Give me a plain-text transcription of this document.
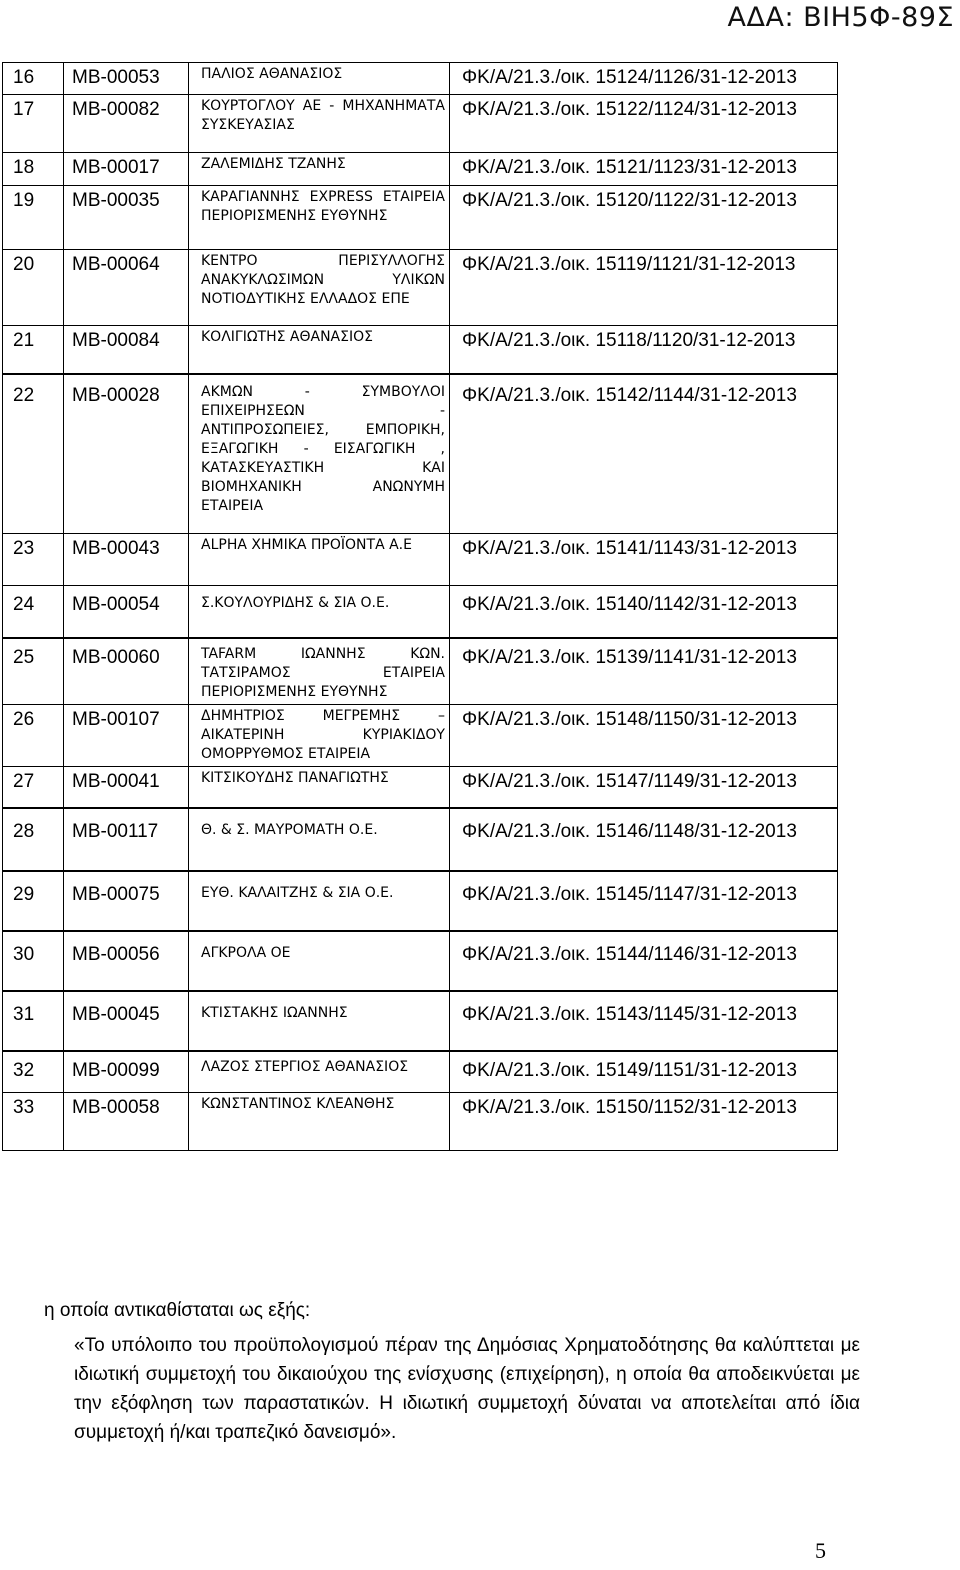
ΑΔΑ: ΒΙΗ5Φ-89Σ
16	ΜΒ-00053	ΠΑΛΙΟΣ ΑΘΑΝΑΣΙΟΣ	ΦΚ/Α/21.3./οικ. 15124/1126/31-12-2013

17	ΜΒ-00082	ΚΟΥΡΤΟΓΛΟΥ ΑΕ - ΜΗΧΑΝΗΜΑΤΑ ΣΥΣΚΕΥΑΣΙΑΣ	ΦΚ/Α/21.3./οικ. 15122/1124/31-12-2013

18	ΜΒ-00017	ΖΑΛΕΜΙΔΗΣ ΤΖΑΝΗΣ	ΦΚ/Α/21.3./οικ. 15121/1123/31-12-2013

19	ΜΒ-00035	ΚΑΡΑΓΙΑΝΝΗΣ EXPRESS ΕΤΑΙΡΕΙΑ ΠΕΡΙΟΡΙΣΜΕΝΗΣ ΕΥΘΥΝΗΣ	ΦΚ/Α/21.3./οικ. 15120/1122/31-12-2013

20	ΜΒ-00064	ΚΕΝΤΡΟ ΠΕΡΙΣΥΛΛΟΓΗΣ ΑΝΑΚΥΚΛΩΣΙΜΩΝ ΥΛΙΚΩΝ ΝΟΤΙΟΔΥΤΙΚΗΣ ΕΛΛΑΔΟΣ ΕΠΕ	ΦΚ/Α/21.3./οικ. 15119/1121/31-12-2013

21	ΜΒ-00084	ΚΟΛΙΓΙΩΤΗΣ ΑΘΑΝΑΣΙΟΣ	ΦΚ/Α/21.3./οικ. 15118/1120/31-12-2013

22	ΜΒ-00028	ΑΚΜΩΝ - ΣΥΜΒΟΥΛΟΙ ΕΠΙΧΕΙΡΗΣΕΩΝ - ΑΝΤΙΠΡΟΣΩΠΕΙΕΣ, ΕΜΠΟΡΙΚΗ, ΕΞΑΓΩΓΙΚΗ - ΕΙΣΑΓΩΓΙΚΗ , ΚΑΤΑΣΚΕΥΑΣΤΙΚΗ ΚΑΙ ΒΙΟΜΗΧΑΝΙΚΗ ΑΝΩΝΥΜΗ ΕΤΑΙΡΕΙΑ	ΦΚ/Α/21.3./οικ. 15142/1144/31-12-2013

23	ΜΒ-00043	ALPHA ΧΗΜΙΚΑ ΠΡΟΪΟΝΤΑ Α.Ε	ΦΚ/Α/21.3./οικ. 15141/1143/31-12-2013

24	ΜΒ-00054	Σ.ΚΟΥΛΟΥΡΙΔΗΣ & ΣΙΑ Ο.Ε.	ΦΚ/Α/21.3./οικ. 15140/1142/31-12-2013

25	ΜΒ-00060	TAFARM ΙΩΑΝΝΗΣ ΚΩΝ. ΤΑΤΣΙΡΑΜΟΣ ΕΤΑΙΡΕΙΑ ΠΕΡΙΟΡΙΣΜΕΝΗΣ ΕΥΘΥΝΗΣ	ΦΚ/Α/21.3./οικ. 15139/1141/31-12-2013

26	ΜΒ-00107	ΔΗΜΗΤΡΙΟΣ ΜΕΓΡΕΜΗΣ – ΑΙΚΑΤΕΡΙΝΗ ΚΥΡΙΑΚΙΔΟΥ ΟΜΟΡΡΥΘΜΟΣ ΕΤΑΙΡΕΙΑ	ΦΚ/Α/21.3./οικ. 15148/1150/31-12-2013

27	ΜΒ-00041	ΚΙΤΣΙΚΟΥΔΗΣ ΠΑΝΑΓΙΩΤΗΣ	ΦΚ/Α/21.3./οικ. 15147/1149/31-12-2013

28	ΜΒ-00117	Θ. & Σ. ΜΑΥΡΟΜΑΤΗ Ο.Ε.	ΦΚ/Α/21.3./οικ. 15146/1148/31-12-2013

29	ΜΒ-00075	ΕΥΘ. ΚΑΛΑΙΤΖΗΣ & ΣΙΑ Ο.Ε.	ΦΚ/Α/21.3./οικ. 15145/1147/31-12-2013

30	ΜΒ-00056	ΑΓΚΡΟΛΑ ΟΕ	ΦΚ/Α/21.3./οικ. 15144/1146/31-12-2013

31	ΜΒ-00045	ΚΤΙΣΤΑΚΗΣ ΙΩΑΝΝΗΣ	ΦΚ/Α/21.3./οικ. 15143/1145/31-12-2013

32	ΜΒ-00099	ΛΑΖΟΣ ΣΤΕΡΓΙΟΣ ΑΘΑΝΑΣΙΟΣ	ΦΚ/Α/21.3./οικ. 15149/1151/31-12-2013

33	ΜΒ-00058	ΚΩΝΣΤΑΝΤΙΝΟΣ ΚΛΕΑΝΘΗΣ	ΦΚ/Α/21.3./οικ. 15150/1152/31-12-2013
η οποία αντικαθίσταται ως εξής:
«Το υπόλοιπο του προϋπολογισμού πέραν της Δημόσιας Χρηματοδότησης θα καλύπτεται με ιδιωτική συμμετοχή του δικαιούχου της ενίσχυσης (επιχείρηση), η οποία θα αποδεικνύεται με την εξόφληση των παραστατικών. Η ιδιωτική συμμετοχή δύναται να αποτελείται από ίδια συμμετοχή ή/και τραπεζικό δανεισμό».
5
